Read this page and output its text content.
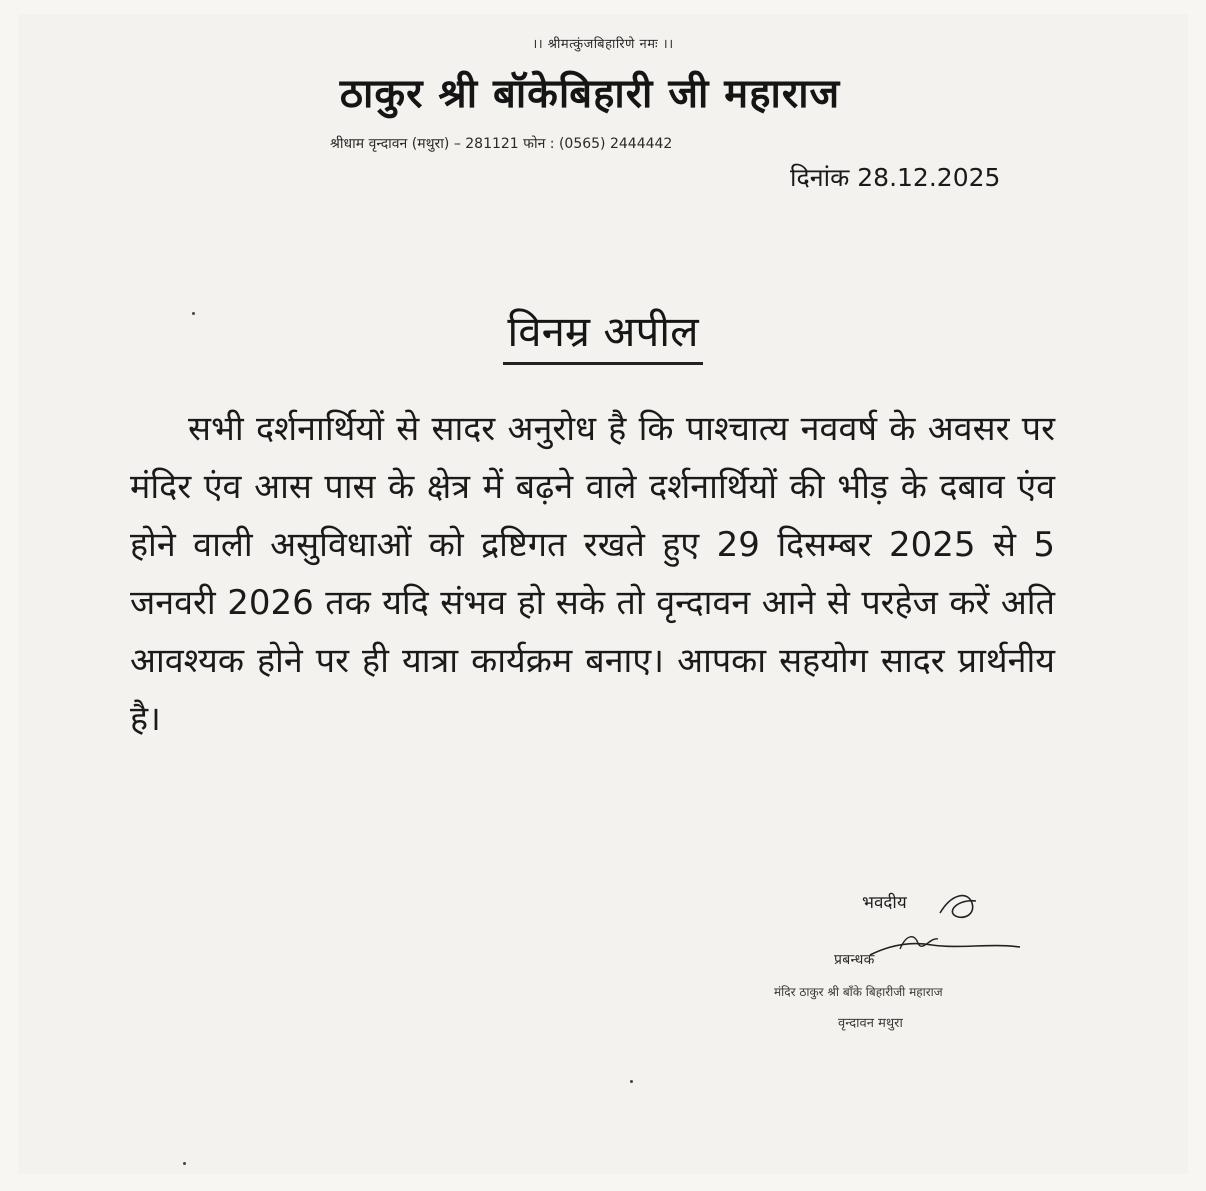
।। श्रीमत्कुंजबिहारिणे नमः ।।
ठाकुर श्री बॉकेबिहारी जी महाराज
श्रीधाम वृन्दावन (मथुरा) – 281121 फोन : (0565) 2444442
दिनांक 28.12.2025
विनम्र अपील
सभी दर्शनार्थियों से सादर अनुरोध है कि पाश्चात्य नववर्ष के अवसर पर मंदिर एंव आस पास के क्षेत्र में बढ़ने वाले दर्शनार्थियों की भीड़ के दबाव एंव होने वाली असुविधाओं को द्रष्टिगत रखते हुए 29 दिसम्बर 2025 से 5 जनवरी 2026 तक यदि संभव हो सके तो वृन्दावन आने से परहेज करें अति आवश्यक होने पर ही यात्रा कार्यक्रम बनाए। आपका सहयोग सादर प्रार्थनीय है।
भवदीय
प्रबन्धक
मंदिर ठाकुर श्री बाँके बिहारीजी महाराज
वृन्दावन मथुरा
